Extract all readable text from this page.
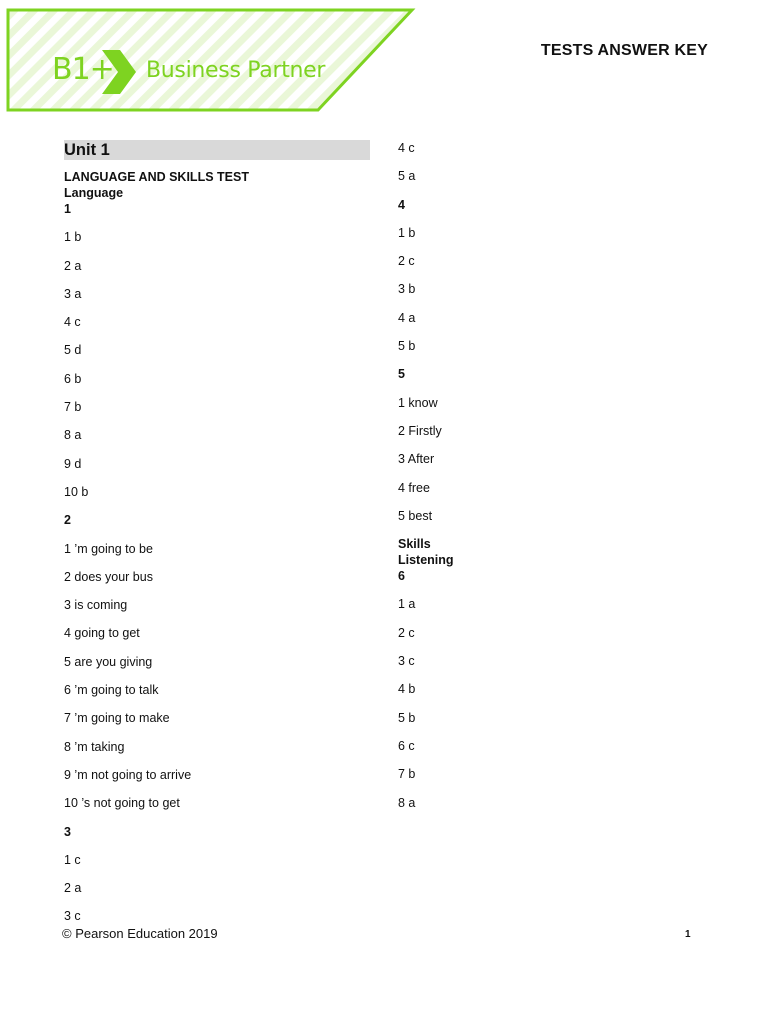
B1+ Business Partner
TESTS ANSWER KEY
Unit 1
LANGUAGE AND SKILLS TEST
Language
1
1 b
2 a
3 a
4 c
5 d
6 b
7 b
8 a
9 d
10 b
2
1 ’m going to be
2 does your bus
3 is coming
4 going to get
5 are you giving
6 ’m going to talk
7 ’m going to make
8 ’m taking
9 ’m not going to arrive
10 ’s not going to get
3
1 c
2 a
3 c
4 c
5 a
4
1 b
2 c
3 b
4 a
5 b
5
1 know
2 Firstly
3 After
4 free
5 best
Skills
Listening
6
1 a
2 c
3 c
4 b
5 b
6 c
7 b
8 a
© Pearson Education 2019	1
